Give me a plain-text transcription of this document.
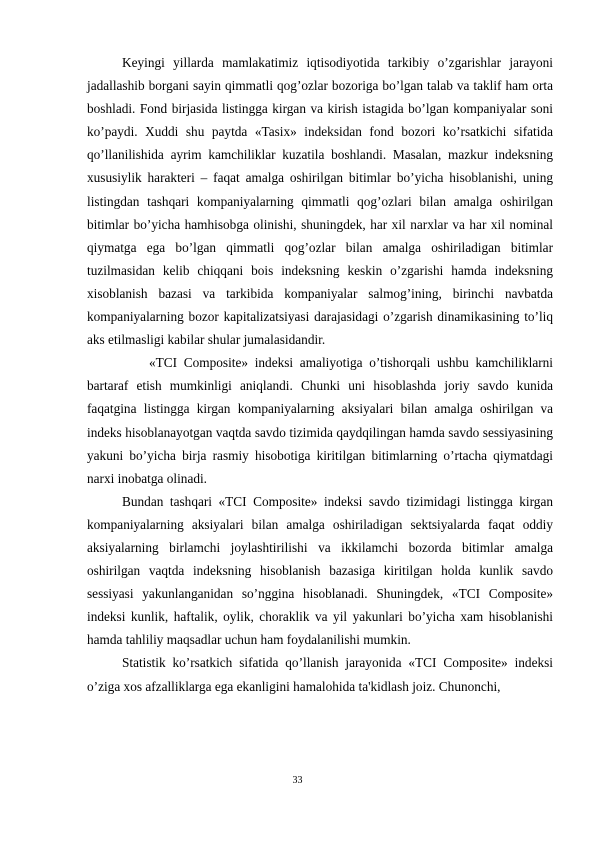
Keyingi yillarda mamlakatimiz iqtisodiyotida tarkibiy o’zgarishlar jarayoni jadallashib borgani sayin qimmatli qog’ozlar bozoriga bo’lgan talab va taklif ham orta boshladi. Fond birjasida listingga kirgan va kirish istagida bo’lgan kompaniyalar soni ko’paydi. Xuddi shu paytda «Tasix» indeksidan fond bozori ko’rsatkichi sifatida qo’llanilishida ayrim kamchiliklar kuzatila boshlandi. Masalan, mazkur indeksning xususiylik harakteri – faqat amalga oshirilgan bitimlar bo’yicha hisoblanishi, uning listingdan tashqari kompaniyalarning qimmatli qog’ozlari bilan amalga oshirilgan bitimlar bo’yicha hamhisobga olinishi, shuningdek, har xil narxlar va har xil nominal qiymatga ega bo’lgan qimmatli qog’ozlar bilan amalga oshiriladigan bitimlar tuzilmasidan kelib chiqqani bois indeksning keskin o’zgarishi hamda indeksning xisoblanish bazasi va tarkibida kompaniyalar salmog’ining, birinchi navbatda kompaniyalarning bozor kapitalizatsiyasi darajasidagi o’zgarish dinamikasining to’liq aks etilmasligi kabilar shular jumalasidandir.

«TCI Composite» indeksi amaliyotiga o’tishorqali ushbu kamchiliklarni bartaraf etish mumkinligi aniqlandi. Chunki uni hisoblashda joriy savdo kunida faqatgina listingga kirgan kompaniyalarning aksiyalari bilan amalga oshirilgan va indeks hisoblanayotgan vaqtda savdo tizimida qaydqilingan hamda savdo sessiyasining yakuni bo’yicha birja rasmiy hisobotiga kiritilgan bitimlarning o’rtacha qiymatdagi narxi inobatga olinadi.

Bundan tashqari «TCI Composite» indeksi savdo tizimidagi listingga kirgan kompaniyalarning aksiyalari bilan amalga oshiriladigan sektsiyalarda faqat oddiy aksiyalarning birlamchi joylashtirilishi va ikkilamchi bozorda bitimlar amalga oshirilgan vaqtda indeksning hisoblanish bazasiga kiritilgan holda kunlik savdo sessiyasi yakunlanganidan so’nggina hisoblanadi. Shuningdek, «TCI Composite» indeksi kunlik, haftalik, oylik, choraklik va yil yakunlari bo’yicha xam hisoblanishi hamda tahliliy maqsadlar uchun ham foydalanilishi mumkin.

Statistik ko’rsatkich sifatida qo’llanish jarayonida «TCI Composite» indeksi o’ziga xos afzalliklarga ega ekanligini hamalohida ta'kidlash joiz. Chunonchi,

33
